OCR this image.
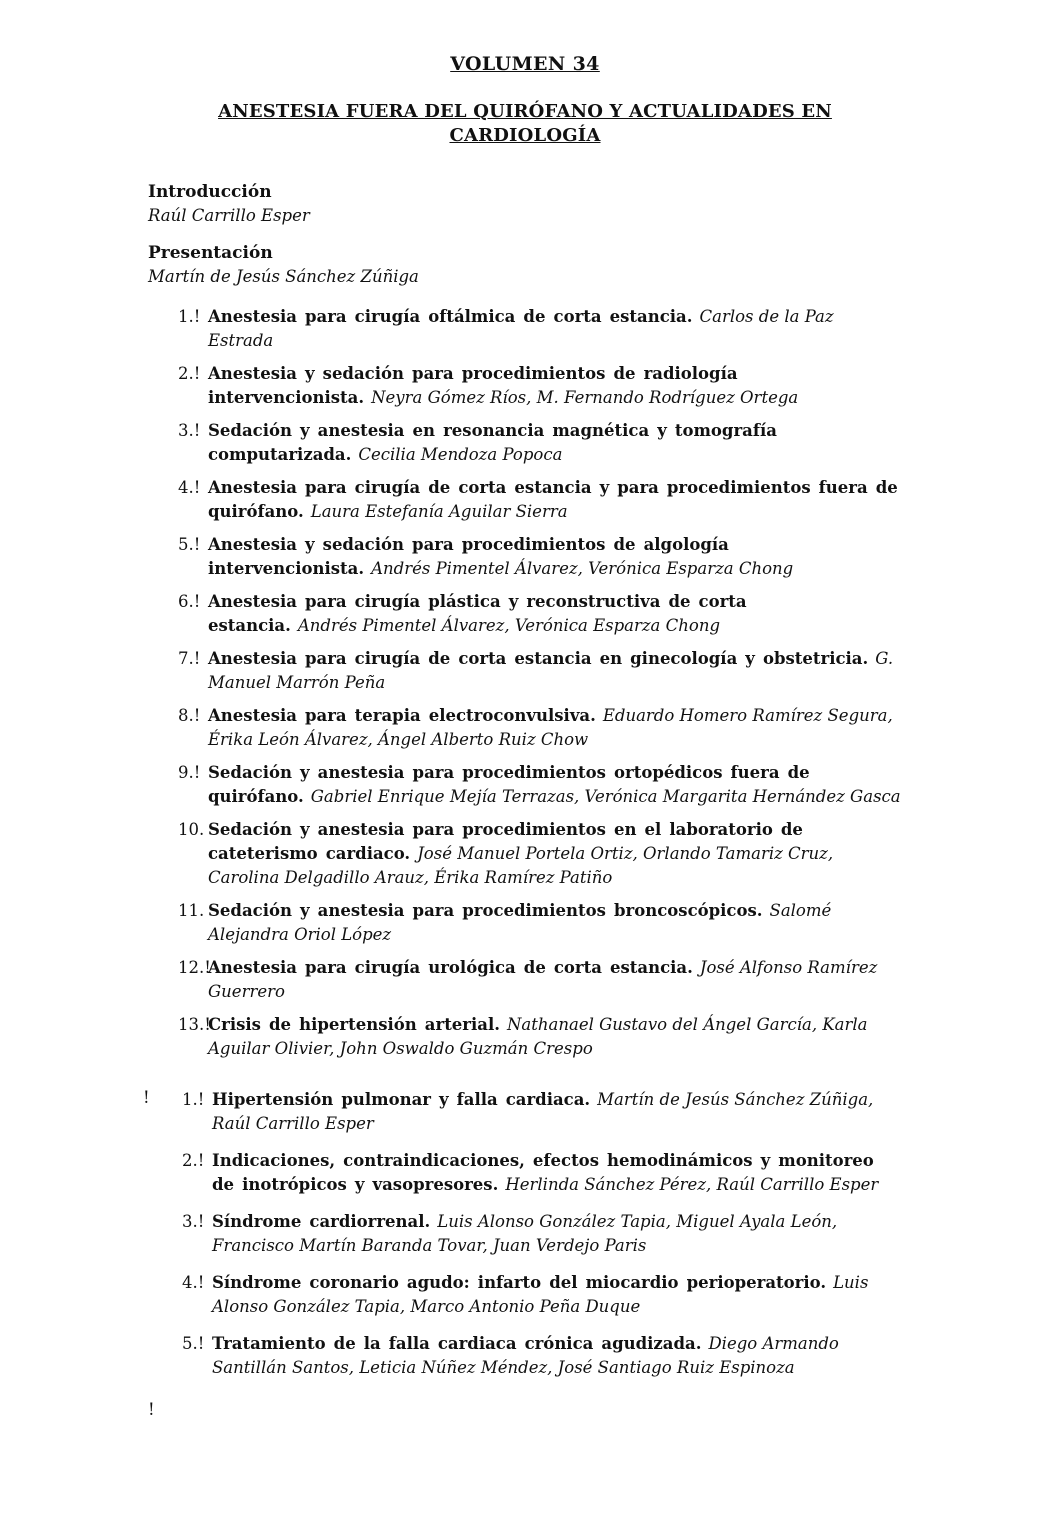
VOLUMEN 34
ANESTESIA FUERA DEL QUIRÓFANO Y ACTUALIDADES EN CARDIOLOGÍA
Introducción
Raúl Carrillo Esper
Presentación
Martín de Jesús Sánchez Zúñiga
1.! Anestesia para cirugía oftálmica de corta estancia. Carlos de la Paz Estrada
2.! Anestesia y sedación para procedimientos de radiología intervencionista. Neyra Gómez Ríos, M. Fernando Rodríguez Ortega
3.! Sedación y anestesia en resonancia magnética y tomografía computarizada. Cecilia Mendoza Popoca
4.! Anestesia para cirugía de corta estancia y para procedimientos fuera de quirófano. Laura Estefanía Aguilar Sierra
5.! Anestesia y sedación para procedimientos de algología intervencionista. Andrés Pimentel Álvarez, Verónica Esparza Chong
6.! Anestesia para cirugía plástica y reconstructiva de corta estancia. Andrés Pimentel Álvarez, Verónica Esparza Chong
7.! Anestesia para cirugía de corta estancia en ginecología y obstetricia. G. Manuel Marrón Peña
8.! Anestesia para terapia electroconvulsiva. Eduardo Homero Ramírez Segura, Érika León Álvarez, Ángel Alberto Ruiz Chow
9.! Sedación y anestesia para procedimientos ortopédicos fuera de quirófano. Gabriel Enrique Mejía Terrazas, Verónica Margarita Hernández Gasca
10. Sedación y anestesia para procedimientos en el laboratorio de cateterismo cardiaco. José Manuel Portela Ortiz, Orlando Tamariz Cruz, Carolina Delgadillo Arauz, Érika Ramírez Patiño
11. Sedación y anestesia para procedimientos broncoscópicos. Salomé Alejandra Oriol López
12.!
Anestesia para cirugía urológica de corta estancia. José Alfonso Ramírez Guerrero
13.!
Crisis de hipertensión arterial. Nathanael Gustavo del Ángel García, Karla Aguilar Olivier, John Oswaldo Guzmán Crespo
! 1.! Hipertensión pulmonar y falla cardiaca. Martín de Jesús Sánchez Zúñiga, Raúl Carrillo Esper
2.! Indicaciones, contraindicaciones, efectos hemodinámicos y monitoreo de inotrópicos y vasopresores. Herlinda Sánchez Pérez, Raúl Carrillo Esper
3.! Síndrome cardiorrenal. Luis Alonso González Tapia, Miguel Ayala León, Francisco Martín Baranda Tovar, Juan Verdejo Paris
4.! Síndrome coronario agudo: infarto del miocardio perioperatorio. Luis Alonso González Tapia, Marco Antonio Peña Duque
5.! Tratamiento de la falla cardiaca crónica agudizada. Diego Armando Santillán Santos, Leticia Núñez Méndez, José Santiago Ruiz Espinoza
!
